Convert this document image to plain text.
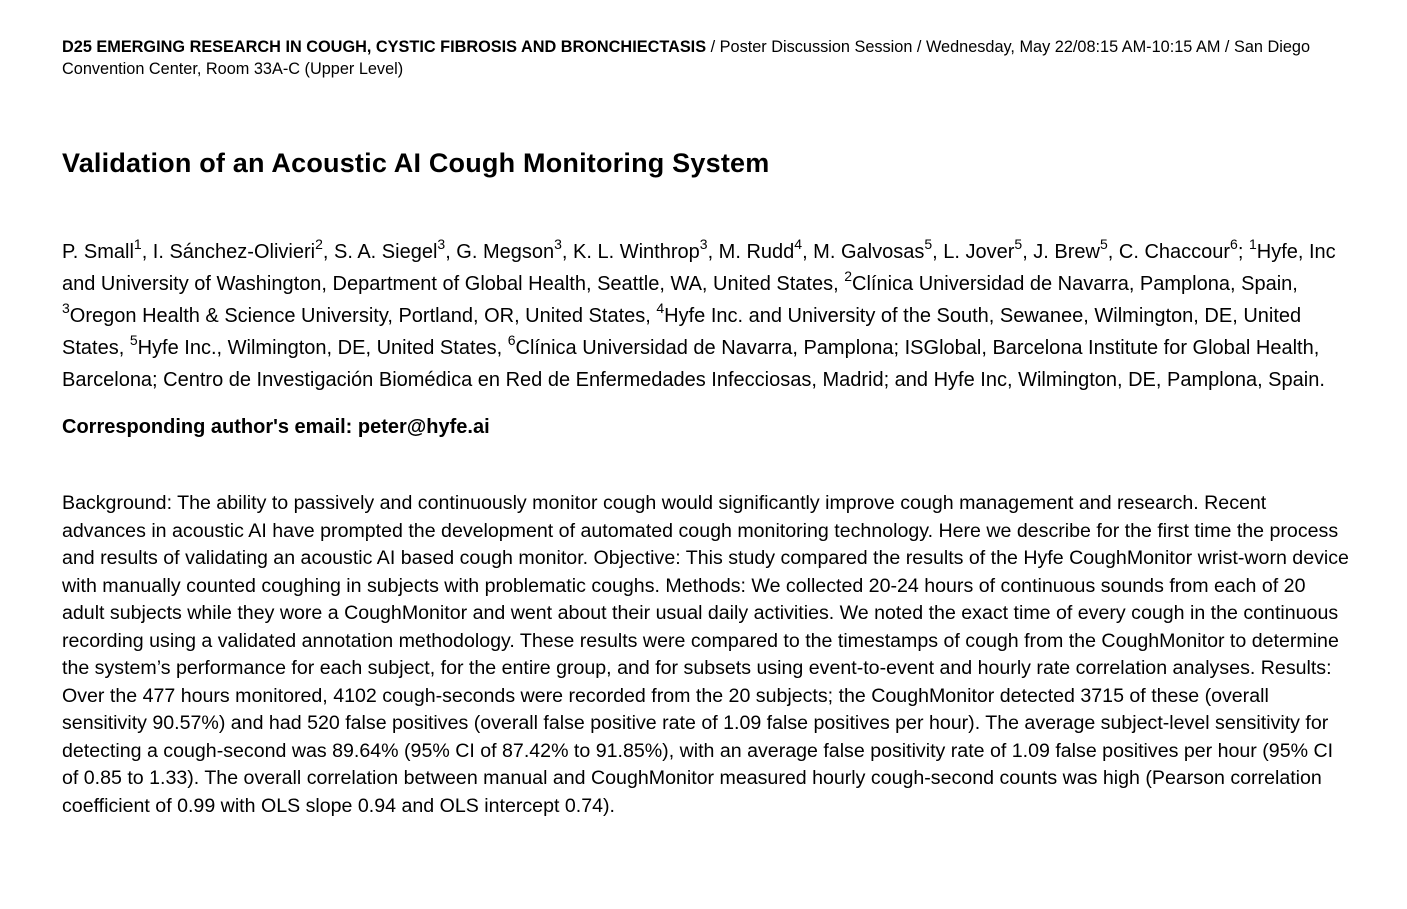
D25 EMERGING RESEARCH IN COUGH, CYSTIC FIBROSIS AND BRONCHIECTASIS / Poster Discussion Session / Wednesday, May 22/08:15 AM-10:15 AM / San Diego Convention Center, Room 33A-C (Upper Level)
Validation of an Acoustic AI Cough Monitoring System

P. Small$^1$, I. Sánchez-Olivieri$^2$, S. A. Siegel$^3$, G. Megson$^3$, K. L. Winthrop$^3$, M. Rudd$^4$, M. Galvosas$^5$, L. Jover$^5$, J. Brew$^5$, C. Chaccour$^6$; $^1$Hyfe, Inc and University of Washington, Department of Global Health, Seattle, WA, United States, $^2$Clínica Universidad de Navarra, Pamplona, Spain, $^3$Oregon Health & Science University, Portland, OR, United States, $^4$Hyfe Inc. and University of the South, Sewanee, Wilmington, DE, United States, $^5$Hyfe Inc., Wilmington, DE, United States, $^6$Clínica Universidad de Navarra, Pamplona; ISGlobal, Barcelona Institute for Global Health, Barcelona; Centro de Investigación Biomédica en Red de Enfermedades Infecciosas, Madrid; and Hyfe Inc, Wilmington, DE, Pamplona, Spain.

Corresponding author's email: peter@hyfe.ai

Background: The ability to passively and continuously monitor cough would significantly improve cough management and research. Recent advances in acoustic AI have prompted the development of automated cough monitoring technology. Here we describe for the first time the process and results of validating an acoustic AI based cough monitor. Objective: This study compared the results of the Hyfe CoughMonitor wrist-worn device with manually counted coughing in subjects with problematic coughs. Methods: We collected 20-24 hours of continuous sounds from each of 20 adult subjects while they wore a CoughMonitor and went about their usual daily activities. We noted the exact time of every cough in the continuous recording using a validated annotation methodology. These results were compared to the timestamps of cough from the CoughMonitor to determine the system’s performance for each subject, for the entire group, and for subsets using event-to-event and hourly rate correlation analyses. Results: Over the 477 hours monitored, 4102 cough-seconds were recorded from the 20 subjects; the CoughMonitor detected 3715 of these (overall sensitivity 90.57%) and had 520 false positives (overall false positive rate of 1.09 false positives per hour). The average subject-level sensitivity for detecting a cough-second was 89.64% (95% CI of 87.42% to 91.85%), with an average false positivity rate of 1.09 false positives per hour (95% CI of 0.85 to 1.33). The overall correlation between manual and CoughMonitor measured hourly cough-second counts was high (Pearson correlation coefficient of 0.99 with OLS slope 0.94 and OLS intercept 0.74).
